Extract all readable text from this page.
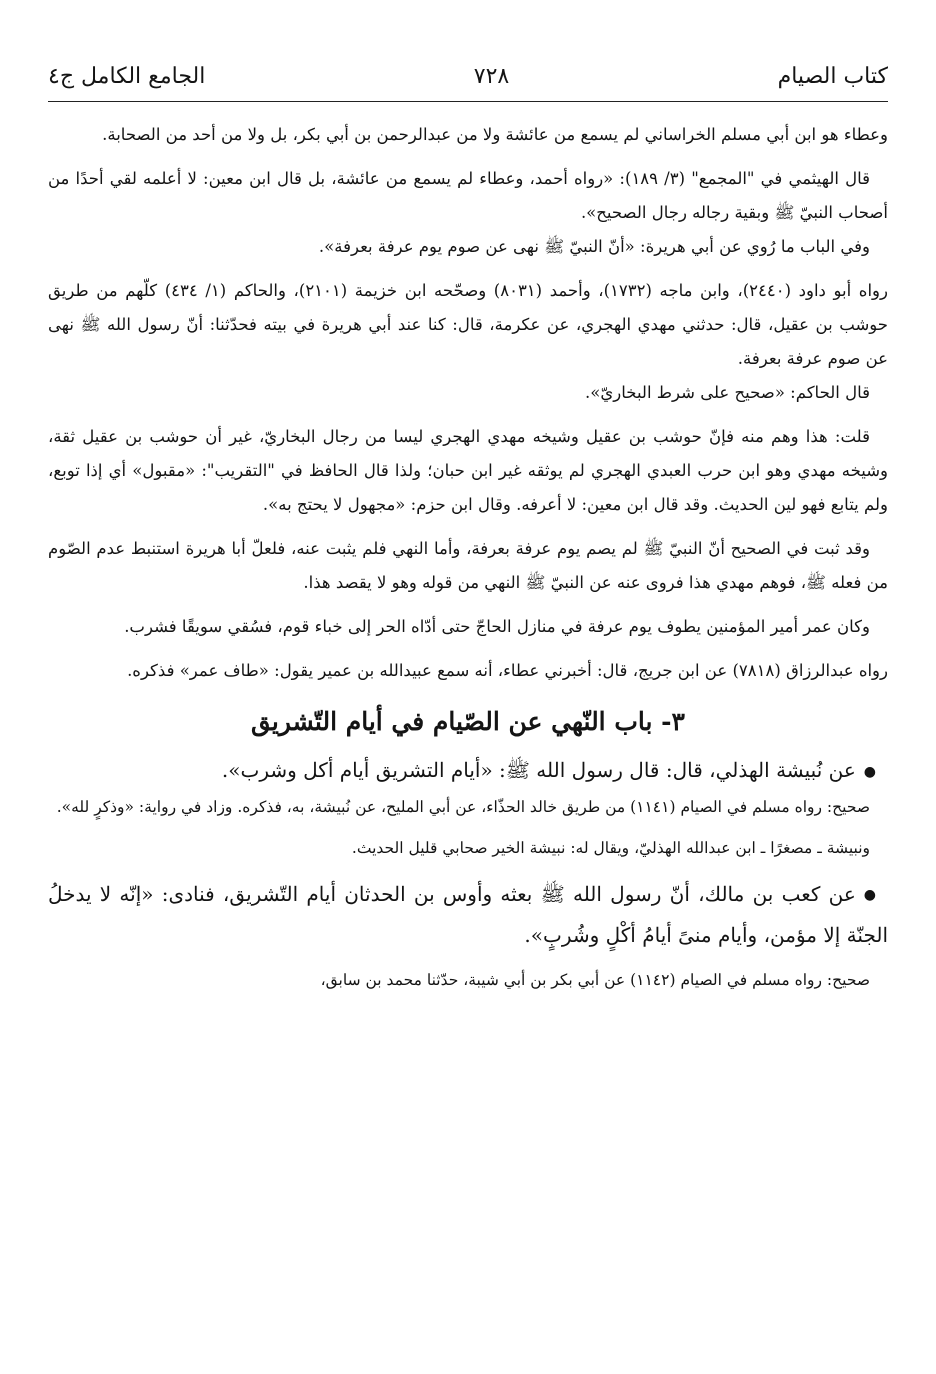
الجامع الكامل ج٤	٧٢٨	كتاب الصيام

وعطاء هو ابن أبي مسلم الخراساني لم يسمع من عائشة ولا من عبدالرحمن بن أبي بكر، بل ولا من أحد من الصحابة.

قال الهيثمي في "المجمع" (٣/ ١٨٩): «رواه أحمد، وعطاء لم يسمع من عائشة، بل قال ابن معين: لا أعلمه لقي أحدًا من أصحاب النبيّ ﷺ وبقية رجاله رجال الصحيح».

وفي الباب ما رُوي عن أبي هريرة: «أنّ النبيّ ﷺ نهى عن صوم يوم عرفة بعرفة».

رواه أبو داود (٢٤٤٠)، وابن ماجه (١٧٣٢)، وأحمد (٨٠٣١) وصحّحه ابن خزيمة (٢١٠١)، والحاكم (١/ ٤٣٤) كلّهم من طريق حوشب بن عقيل، قال: حدثني مهدي الهجري، عن عكرمة، قال: كنا عند أبي هريرة في بيته فحدّثنا: أنّ رسول الله ﷺ نهى عن صوم عرفة بعرفة.

قال الحاكم: «صحيح على شرط البخاريّ».

قلت: هذا وهم منه فإنّ حوشب بن عقيل وشيخه مهدي الهجري ليسا من رجال البخاريّ، غير أن حوشب بن عقيل ثقة، وشيخه مهدي وهو ابن حرب العبدي الهجري لم يوثقه غير ابن حبان؛ ولذا قال الحافظ في "التقريب": «مقبول» أي إذا توبع، ولم يتابع فهو لين الحديث. وقد قال ابن معين: لا أعرفه. وقال ابن حزم: «مجهول لا يحتج به».

وقد ثبت في الصحيح أنّ النبيّ ﷺ لم يصم يوم عرفة بعرفة، وأما النهي فلم يثبت عنه، فلعلّ أبا هريرة استنبط عدم الصّوم من فعله ﷺ، فوهم مهدي هذا فروى عنه عن النبيّ ﷺ النهي من قوله وهو لا يقصد هذا.

وكان عمر أمير المؤمنين يطوف يوم عرفة في منازل الحاجّ حتى أدّاه الحر إلى خباء قوم، فسُقي سويقًا فشرب.

رواه عبدالرزاق (٧٨١٨) عن ابن جريج، قال: أخبرني عطاء، أنه سمع عبيدالله بن عمير يقول: «طاف عمر» فذكره.

٣- باب النّهي عن الصّيام في أيام التّشريق

●عن نُبيشة الهذلي، قال: قال رسول الله ﷺ: «أيام التشريق أيام أكل وشرب».

صحيح: رواه مسلم في الصيام (١١٤١) من طريق خالد الحذّاء، عن أبي المليح، عن نُبيشة، به، فذكره. وزاد في رواية: «وذكرٍ لله».

ونبيشة ـ مصغرًا ـ ابن عبدالله الهذليّ، ويقال له: نبيشة الخير صحابي قليل الحديث.

●عن كعب بن مالك، أنّ رسول الله ﷺ بعثه وأوس بن الحدثان أيام التّشريق، فنادى: «إنّه لا يدخلُ الجنّة إلا مؤمن، وأيام منىً أيامُ أكْلٍ وشُربٍ».

صحيح: رواه مسلم في الصيام (١١٤٢) عن أبي بكر بن أبي شيبة، حدّثنا محمد بن سابق،
